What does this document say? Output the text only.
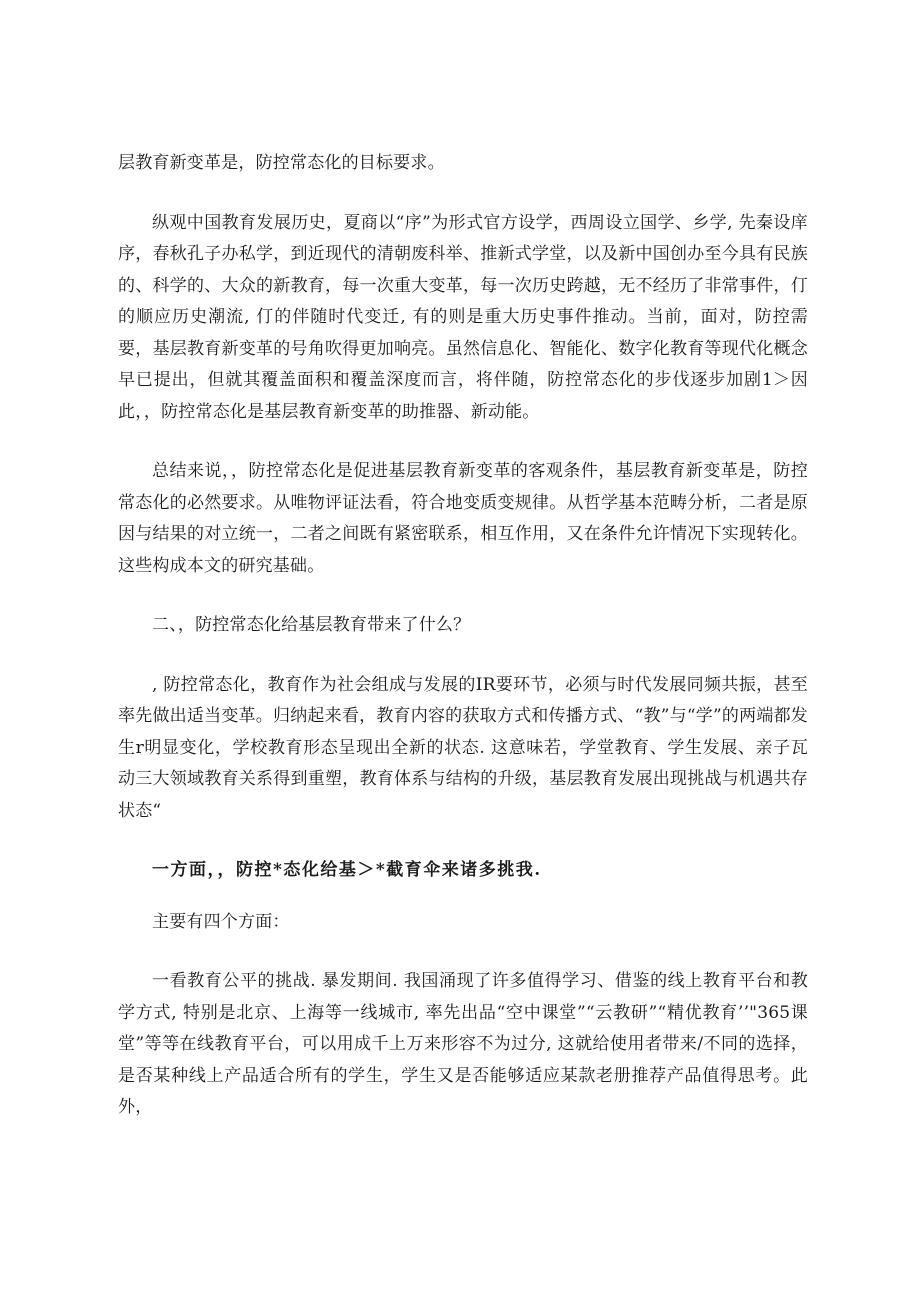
层教育新变革是，防控常态化的目标要求。

纵观中国教育发展历史，夏商以“序”为形式官方设学，西周设立国学、乡学, 先秦设庠序，春秋孔子办私学，到近现代的清朝废科举、推新式学堂，以及新中国创办至今具有民族的、科学的、大众的新教育，每一次重大变革，每一次历史跨越，无不经历了非常事件，仃的顺应历史潮流, 仃的伴随时代变迁, 有的则是重大历史事件推动。当前，面对，防控需要，基层教育新变革的号角吹得更加响亮。虽然信息化、智能化、数字化教育等现代化概念早已提出，但就其覆盖面积和覆盖深度而言，将伴随，防控常态化的步伐逐步加剧1＞因此，，防控常态化是基层教育新变革的助推器、新动能。

总结来说，，防控常态化是促进基层教育新变革的客观条件，基层教育新变革是，防控常态化的必然要求。从唯物评证法看，符合地变质变规律。从哲学基本范畴分析，二者是原因与结果的对立统一，二者之间既有紧密联系，相互作用，又在条件允许情况下实现转化。这些构成本文的研究基础。

二、，防控常态化给基层教育带来了什么？

, 防控常态化，教育作为社会组成与发展的IR要环节，必须与时代发展同频共振，甚至率先做出适当变革。归纳起来看，教育内容的获取方式和传播方式、“教”与“学”的两端都发生r明显变化，学校教育形态呈现出全新的状态. 这意味若，学堂教育、学生发展、亲子瓦动三大领域教育关系得到重塑，教育体系与结构的升级，基层教育发展出现挑战与机遇共存状态“

一方面，，防控*态化给基＞*截育伞来诸多挑我.

主要有四个方面：

一看教育公平的挑战. 暴发期间. 我国涌现了许多值得学习、借鉴的线上教育平台和教学方式, 特别是北京、上海等一线城市, 率先出品“空中课堂”“云教研”“精优教育’’"365课堂”等等在线教育平台，可以用成千上万来形容不为过分, 这就给使用者带来/不同的选择，是否某种线上产品适合所有的学生，学生又是否能够适应某款老册推荐产品值得思考。此外，
